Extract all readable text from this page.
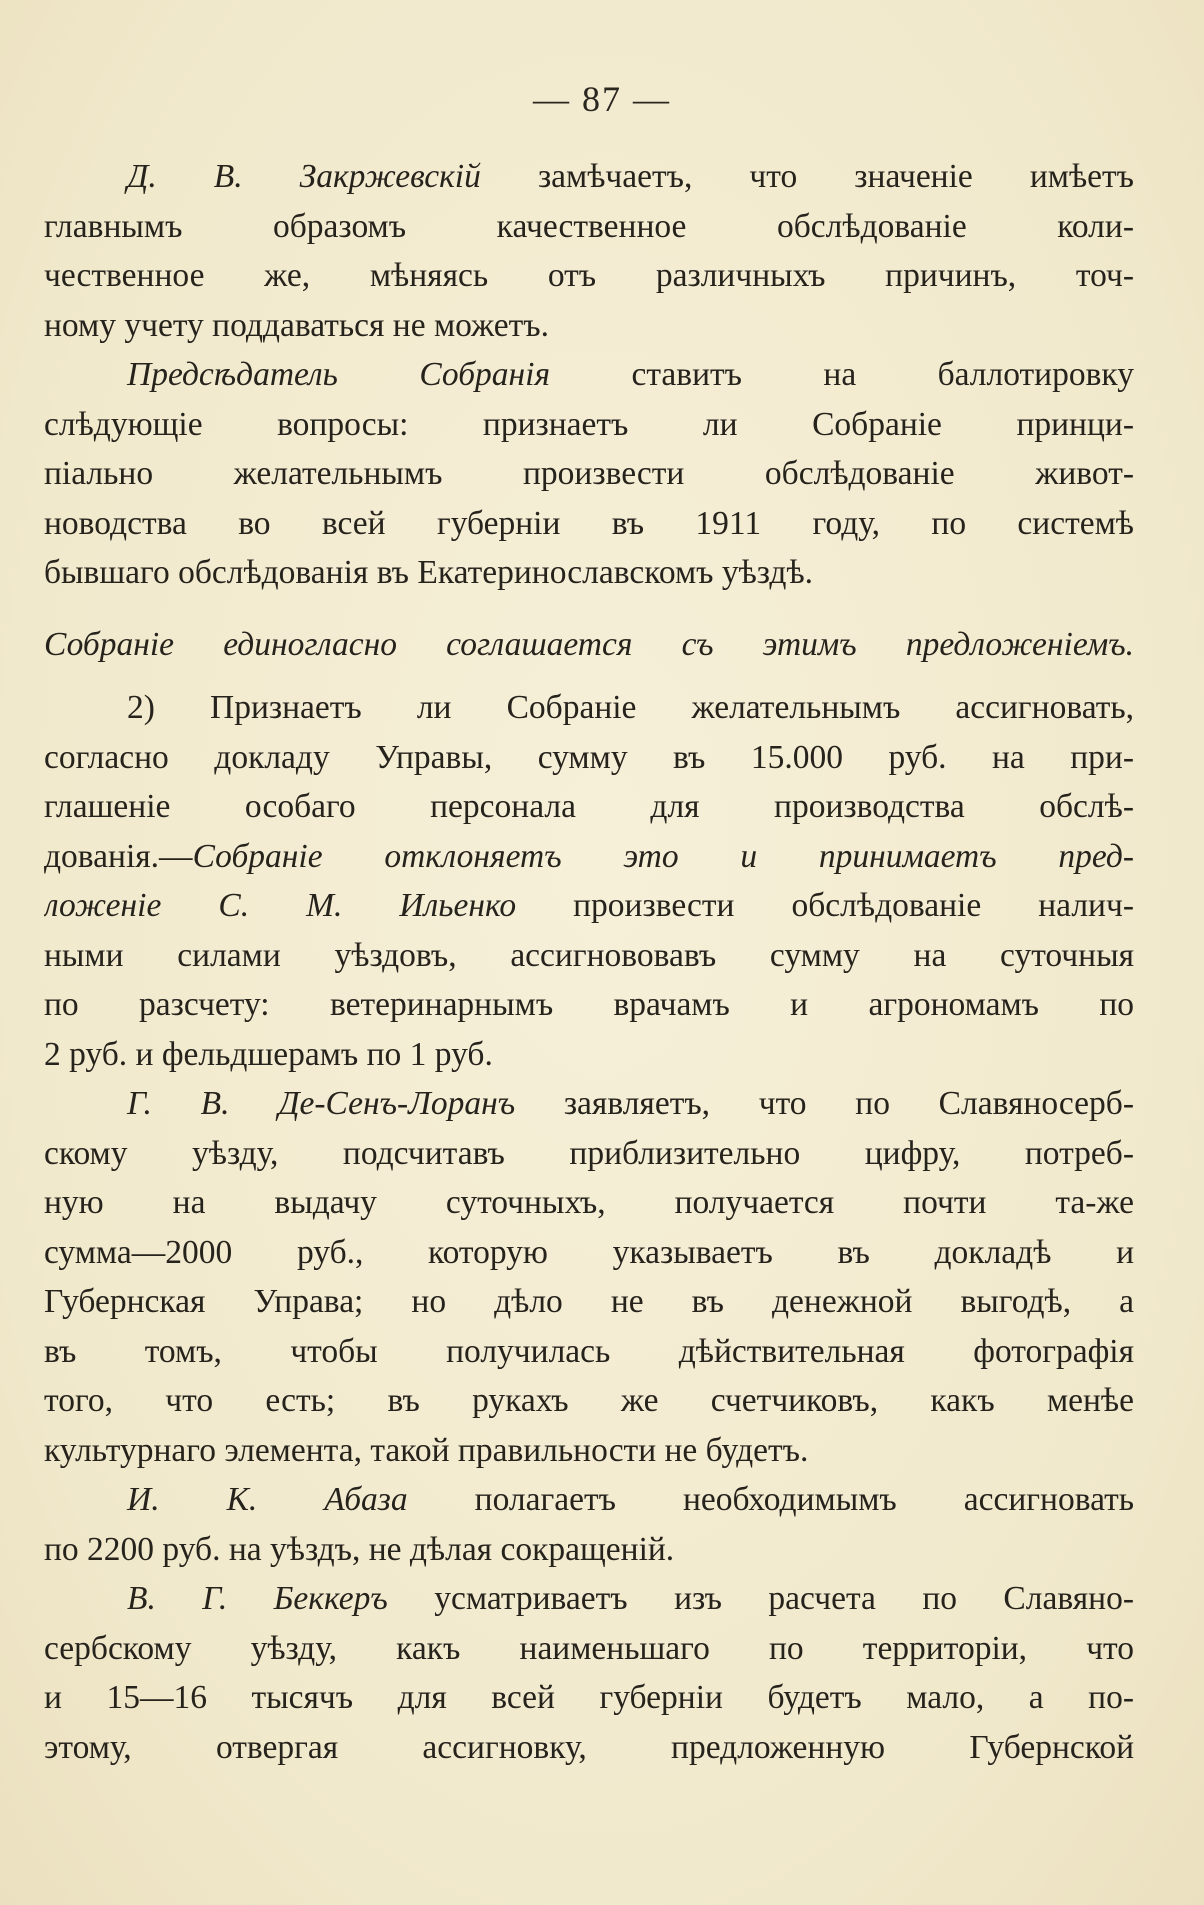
— 87 —
Д. В. Закржевскій замѣчаетъ, что значеніе имѣетъ
главнымъ образомъ качественное обслѣдованіе коли-
чественное же, мѣняясь отъ различныхъ причинъ, точ-
ному учету поддаваться не можетъ.
Предсѣдатель Собранія ставитъ на баллотировку
слѣдующіе вопросы: признаетъ ли Собраніе принци-
піально желательнымъ произвести обслѣдованіе живот-
новодства во всей губерніи въ 1911 году, по системѣ
бывшаго обслѣдованія въ Екатеринославскомъ уѣздѣ.
Собраніе единогласно соглашается съ этимъ предложеніемъ.
2) Признаетъ ли Собраніе желательнымъ ассигновать,
согласно докладу Управы, сумму въ 15.000 руб. на при-
глашеніе особаго персонала для производства обслѣ-
дованія.—Собраніе отклоняетъ это и принимаетъ пред-
ложеніе С. М. Ильенко произвести обслѣдованіе налич-
ными силами уѣздовъ, ассигнововавъ сумму на суточныя
по разсчету: ветеринарнымъ врачамъ и агрономамъ по
2 руб. и фельдшерамъ по 1 руб.
Г. В. Де-Сенъ-Лоранъ заявляетъ, что по Славяносерб-
скому уѣзду, подсчитавъ приблизительно цифру, потреб-
ную на выдачу суточныхъ, получается почти та-же
сумма—2000 руб., которую указываетъ въ докладѣ и
Губернская Управа; но дѣло не въ денежной выгодѣ, а
въ томъ, чтобы получилась дѣйствительная фотографія
того, что есть; въ рукахъ же счетчиковъ, какъ менѣе
культурнаго элемента, такой правильности не будетъ.
И. К. Абаза полагаетъ необходимымъ ассигновать
по 2200 руб. на уѣздъ, не дѣлая сокращеній.
В. Г. Беккеръ усматриваетъ изъ расчета по Славяно-
сербскому уѣзду, какъ наименьшаго по территоріи, что
и 15—16 тысячъ для всей губерніи будетъ мало, а по-
этому, отвергая ассигновку, предложенную Губернской
